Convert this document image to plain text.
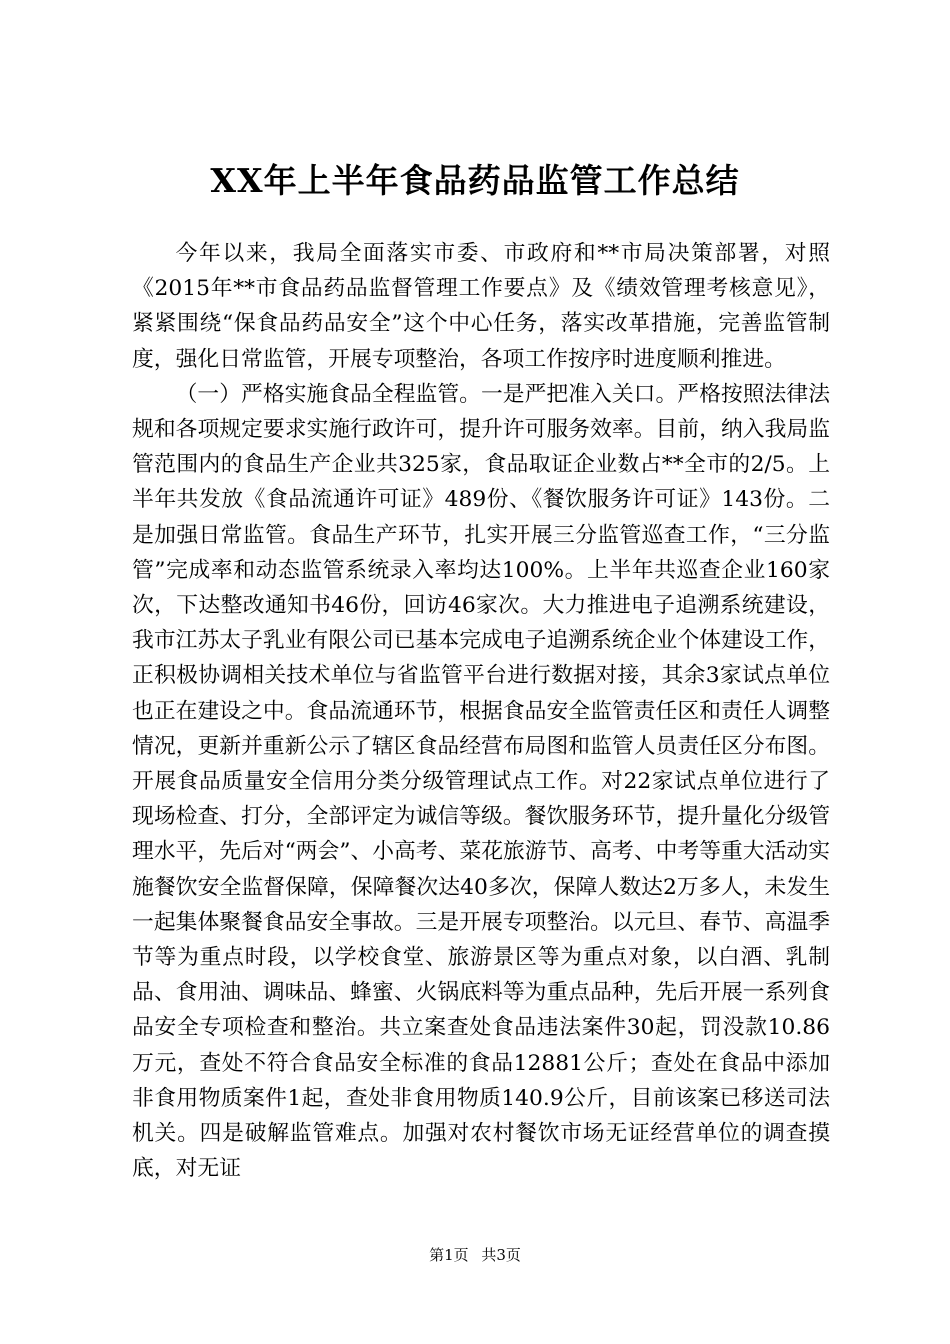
XX年上半年食品药品监管工作总结

今年以来，我局全面落实市委、市政府和**市局决策部署，对照《2015年**市食品药品监督管理工作要点》及《绩效管理考核意见》，紧紧围绕“保食品药品安全”这个中心任务，落实改革措施，完善监管制度，强化日常监管，开展专项整治，各项工作按序时进度顺利推进。

（一）严格实施食品全程监管。一是严把准入关口。严格按照法律法规和各项规定要求实施行政许可，提升许可服务效率。目前，纳入我局监管范围内的食品生产企业共325家，食品取证企业数占**全市的2/5。上半年共发放《食品流通许可证》489份、《餐饮服务许可证》143份。二是加强日常监管。食品生产环节，扎实开展三分监管巡查工作，“三分监管”完成率和动态监管系统录入率均达100%。上半年共巡查企业160家次，下达整改通知书46份，回访46家次。大力推进电子追溯系统建设，我市江苏太子乳业有限公司已基本完成电子追溯系统企业个体建设工作，正积极协调相关技术单位与省监管平台进行数据对接，其余3家试点单位也正在建设之中。食品流通环节，根据食品安全监管责任区和责任人调整情况，更新并重新公示了辖区食品经营布局图和监管人员责任区分布图。开展食品质量安全信用分类分级管理试点工作。对22家试点单位进行了现场检查、打分，全部评定为诚信等级。餐饮服务环节，提升量化分级管理水平，先后对“两会”、小高考、菜花旅游节、高考、中考等重大活动实施餐饮安全监督保障，保障餐次达40多次，保障人数达2万多人，未发生一起集体聚餐食品安全事故。三是开展专项整治。以元旦、春节、高温季节等为重点时段，以学校食堂、旅游景区等为重点对象，以白酒、乳制品、食用油、调味品、蜂蜜、火锅底料等为重点品种，先后开展一系列食品安全专项检查和整治。共立案查处食品违法案件30起，罚没款10.86万元，查处不符合食品安全标准的食品12881公斤；查处在食品中添加非食用物质案件1起，查处非食用物质140.9公斤，目前该案已移送司法机关。四是破解监管难点。加强对农村餐饮市场无证经营单位的调查摸底，对无证

第1页 共3页
